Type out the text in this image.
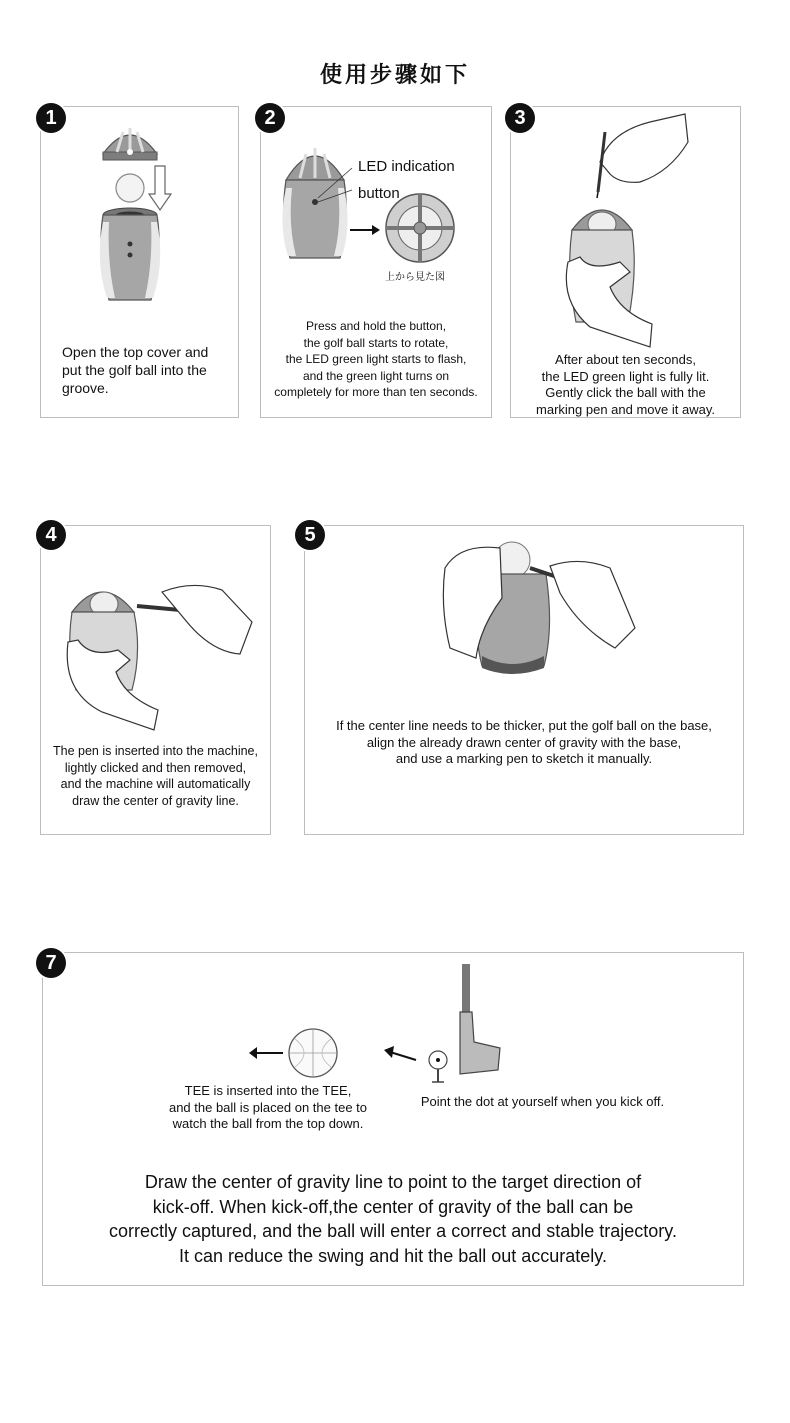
使用步骤如下
1
Open the top cover and
put the golf ball into the
groove.
2
LED indication
button
上から見た図
Press and hold the button,
the golf ball starts to rotate,
the LED green light starts to flash,
and the green light turns on
completely for more than ten seconds.
3
After about ten seconds,
the LED green light is fully lit.
Gently click the ball with the
marking pen and move it away.
4
The pen is inserted into the machine,
lightly clicked and then removed,
and the machine will automatically
draw the center of gravity line.
5
If the center line needs to be thicker, put the golf ball on the base,
align the already drawn center of gravity with the base,
and use a marking pen to sketch it manually.
7
TEE is inserted into the TEE,
and the ball is placed on the tee to
watch the ball from the top down.
Point the dot at yourself when you kick off.
Draw the center of gravity line to point to the target direction of
kick-off. When kick-off,the center of gravity of the ball can be
correctly captured, and the ball will enter a correct and stable trajectory.
It can reduce the swing and hit the ball out accurately.
